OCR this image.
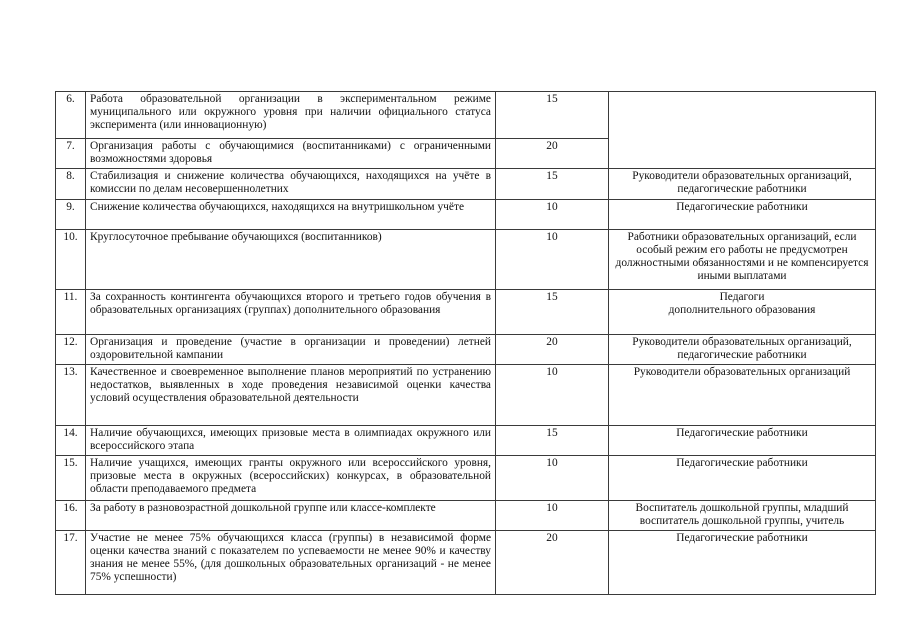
6.	Работа образовательной организации в экспериментальном режиме муниципального или окружного уровня при наличии официального статуса эксперимента (или инновационную)	15	
7.	Организация работы с обучающимися (воспитанниками) с ограниченными возможностями здоровья	20	
8.	Стабилизация и снижение количества обучающихся, находящихся на учёте в комиссии по делам несовершеннолетних	15	Руководители образовательных организаций, педагогические работники
9.	Снижение количества обучающихся, находящихся на внутришкольном учёте	10	Педагогические работники
10.	Круглосуточное пребывание обучающихся (воспитанников)	10	Работники образовательных организаций, если особый режим его работы не предусмотрен должностными обязанностями и не компенсируется иными выплатами
11.	За сохранность контингента обучающихся второго и третьего годов обучения в образовательных организациях (группах) дополнительного образования	15	Педагоги
дополнительного образования
12.	Организация и проведение (участие в организации и проведении) летней оздоровительной кампании	20	Руководители образовательных организаций, педагогические работники
13.	Качественное и своевременное выполнение планов мероприятий по устранению недостатков, выявленных в ходе проведения независимой оценки качества условий осуществления образовательной деятельности	10	Руководители образовательных организаций
14.	Наличие обучающихся, имеющих призовые места в олимпиадах окружного или всероссийского этапа	15	Педагогические работники
15.	Наличие учащихся, имеющих гранты окружного или всероссийского уровня, призовые места в окружных (всероссийских) конкурсах, в образовательной области преподаваемого предмета	10	Педагогические работники
16.	За работу в разновозрастной дошкольной группе или классе-комплекте	10	Воспитатель дошкольной группы, младший воспитатель дошкольной группы, учитель
17.	Участие не менее 75% обучающихся класса (группы) в независимой форме оценки качества знаний с показателем по успеваемости не менее 90% и качеству знания не менее 55%, (для дошкольных образовательных организаций - не менее 75% успешности)	20	Педагогические работники
